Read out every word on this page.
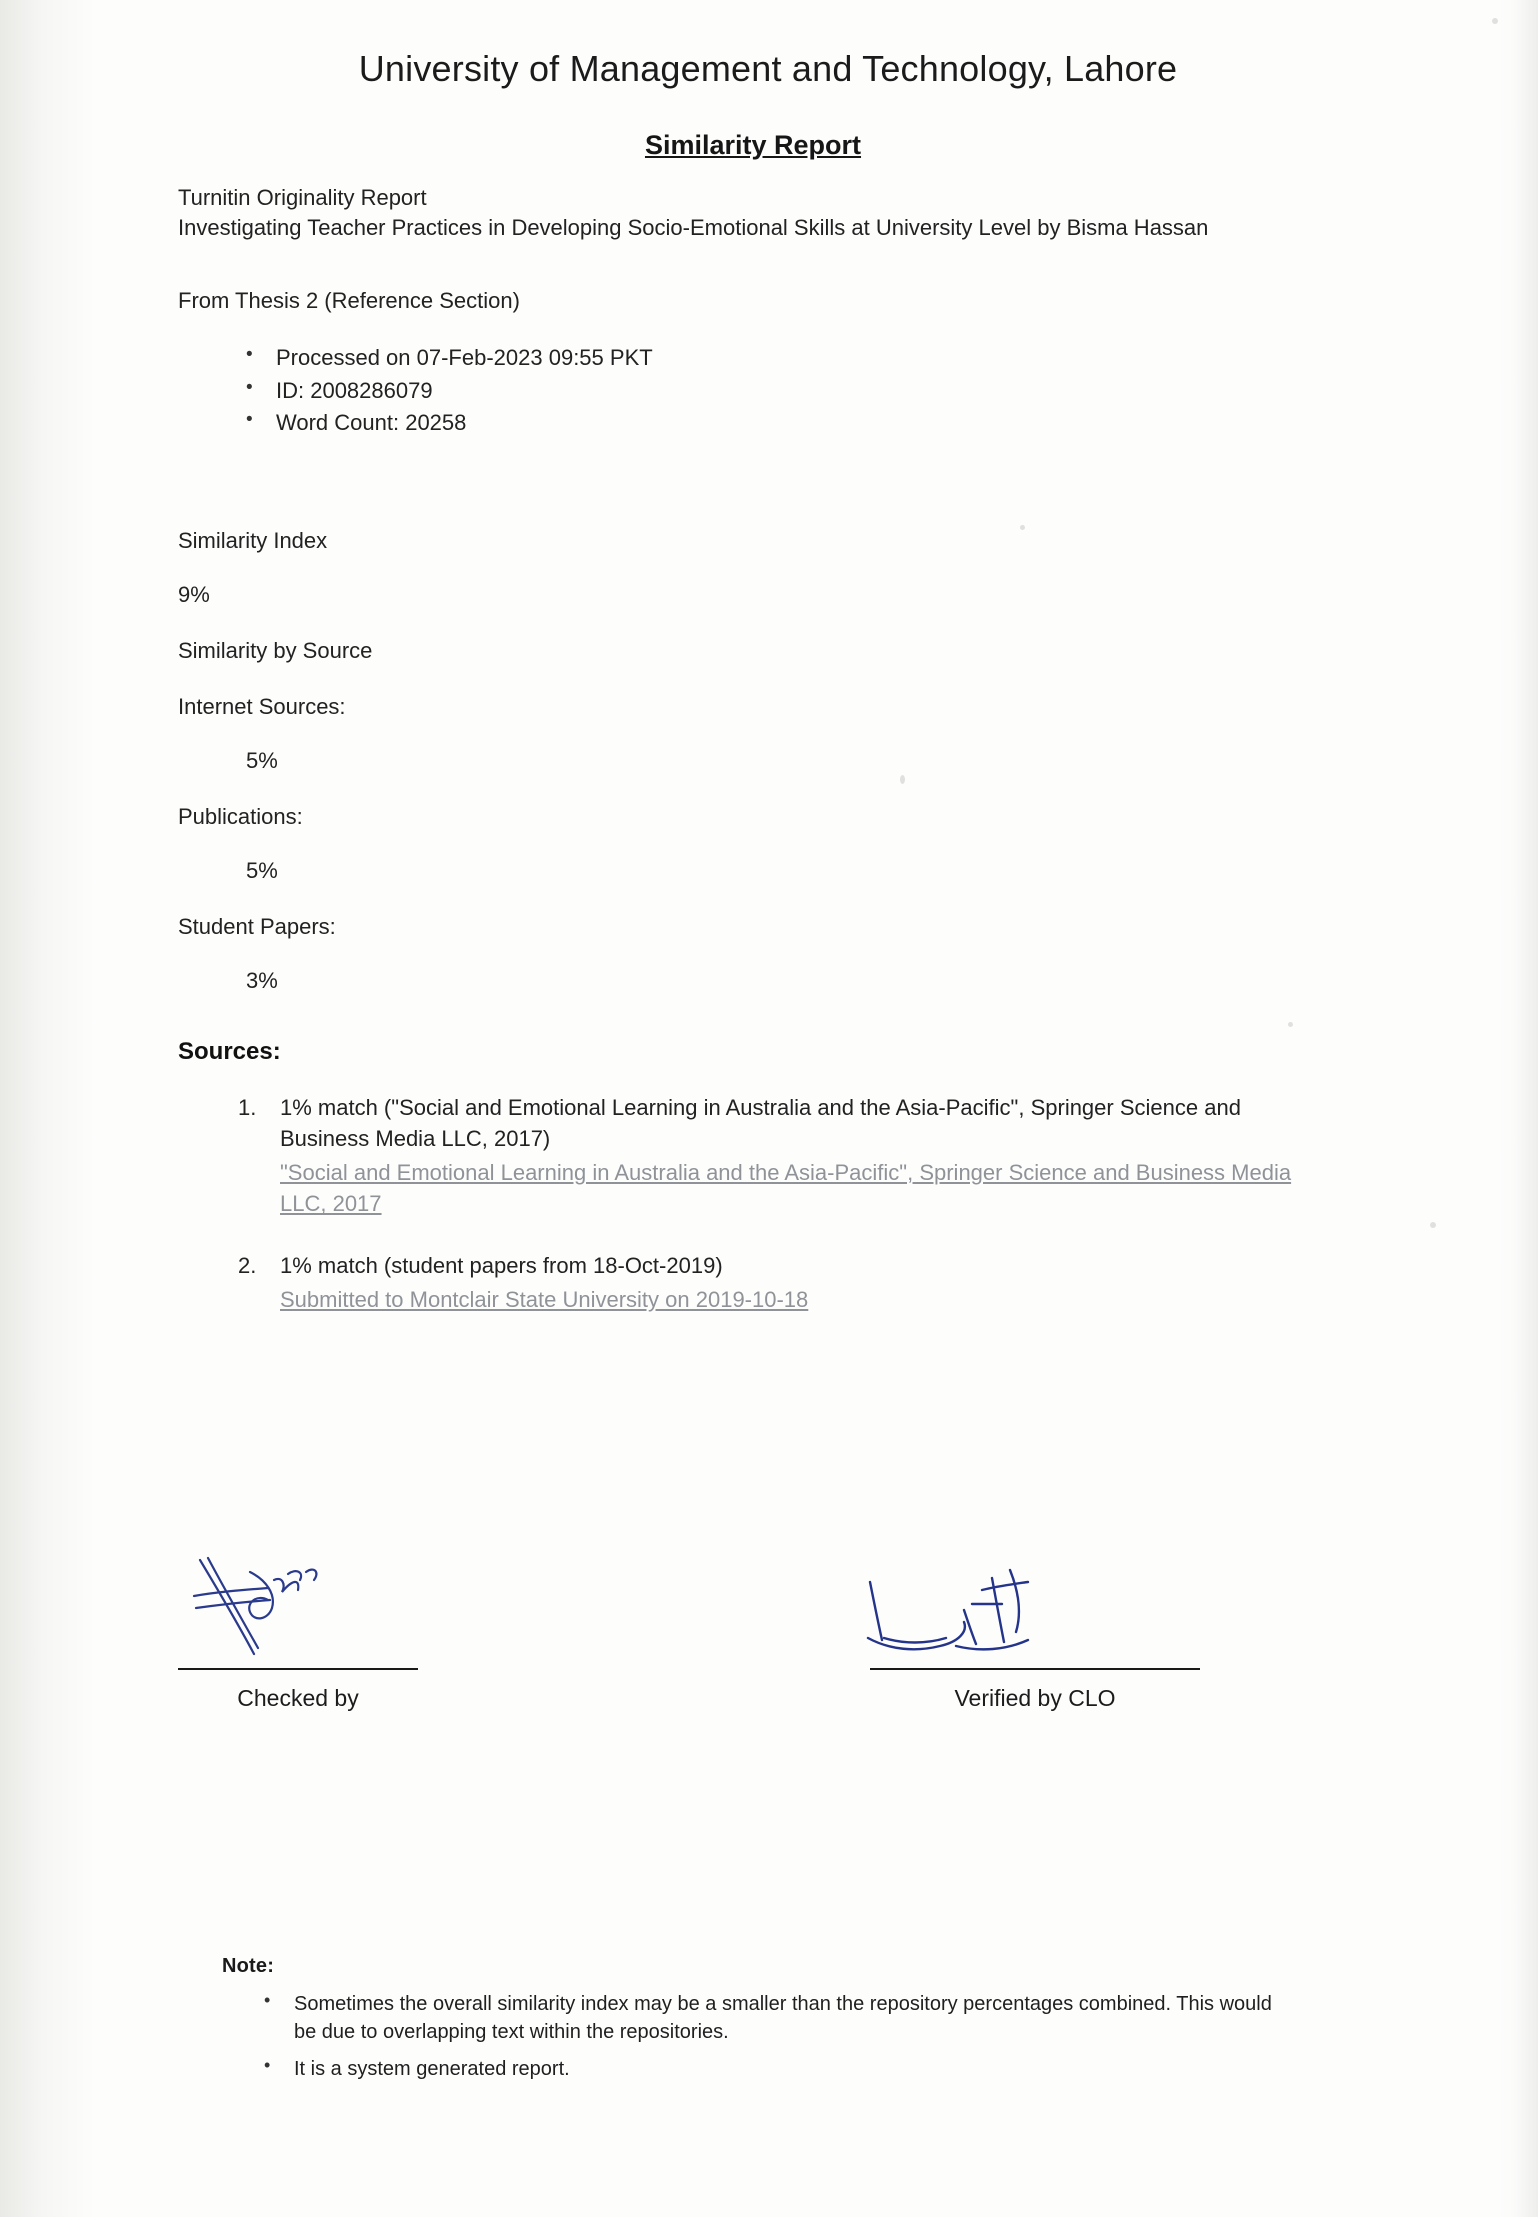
University of Management and Technology, Lahore
Similarity Report
Turnitin Originality Report
Investigating Teacher Practices in Developing Socio-Emotional Skills at University Level by Bisma Hassan
From Thesis 2 (Reference Section)
• Processed on 07-Feb-2023 09:55 PKT
• ID: 2008286079
• Word Count: 20258
Similarity Index
9%
Similarity by Source
Internet Sources:
5%
Publications:
5%
Student Papers:
3%
Sources:
1% match ("Social and Emotional Learning in Australia and the Asia-Pacific", Springer Science and Business Media LLC, 2017)
"Social and Emotional Learning in Australia and the Asia-Pacific", Springer Science and Business Media LLC, 2017
1% match (student papers from 18-Oct-2019)
Submitted to Montclair State University on 2019-10-18
Checked by	Verified by CLO
Note:
• Sometimes the overall similarity index may be a smaller than the repository percentages combined. This would be due to overlapping text within the repositories.
• It is a system generated report.
